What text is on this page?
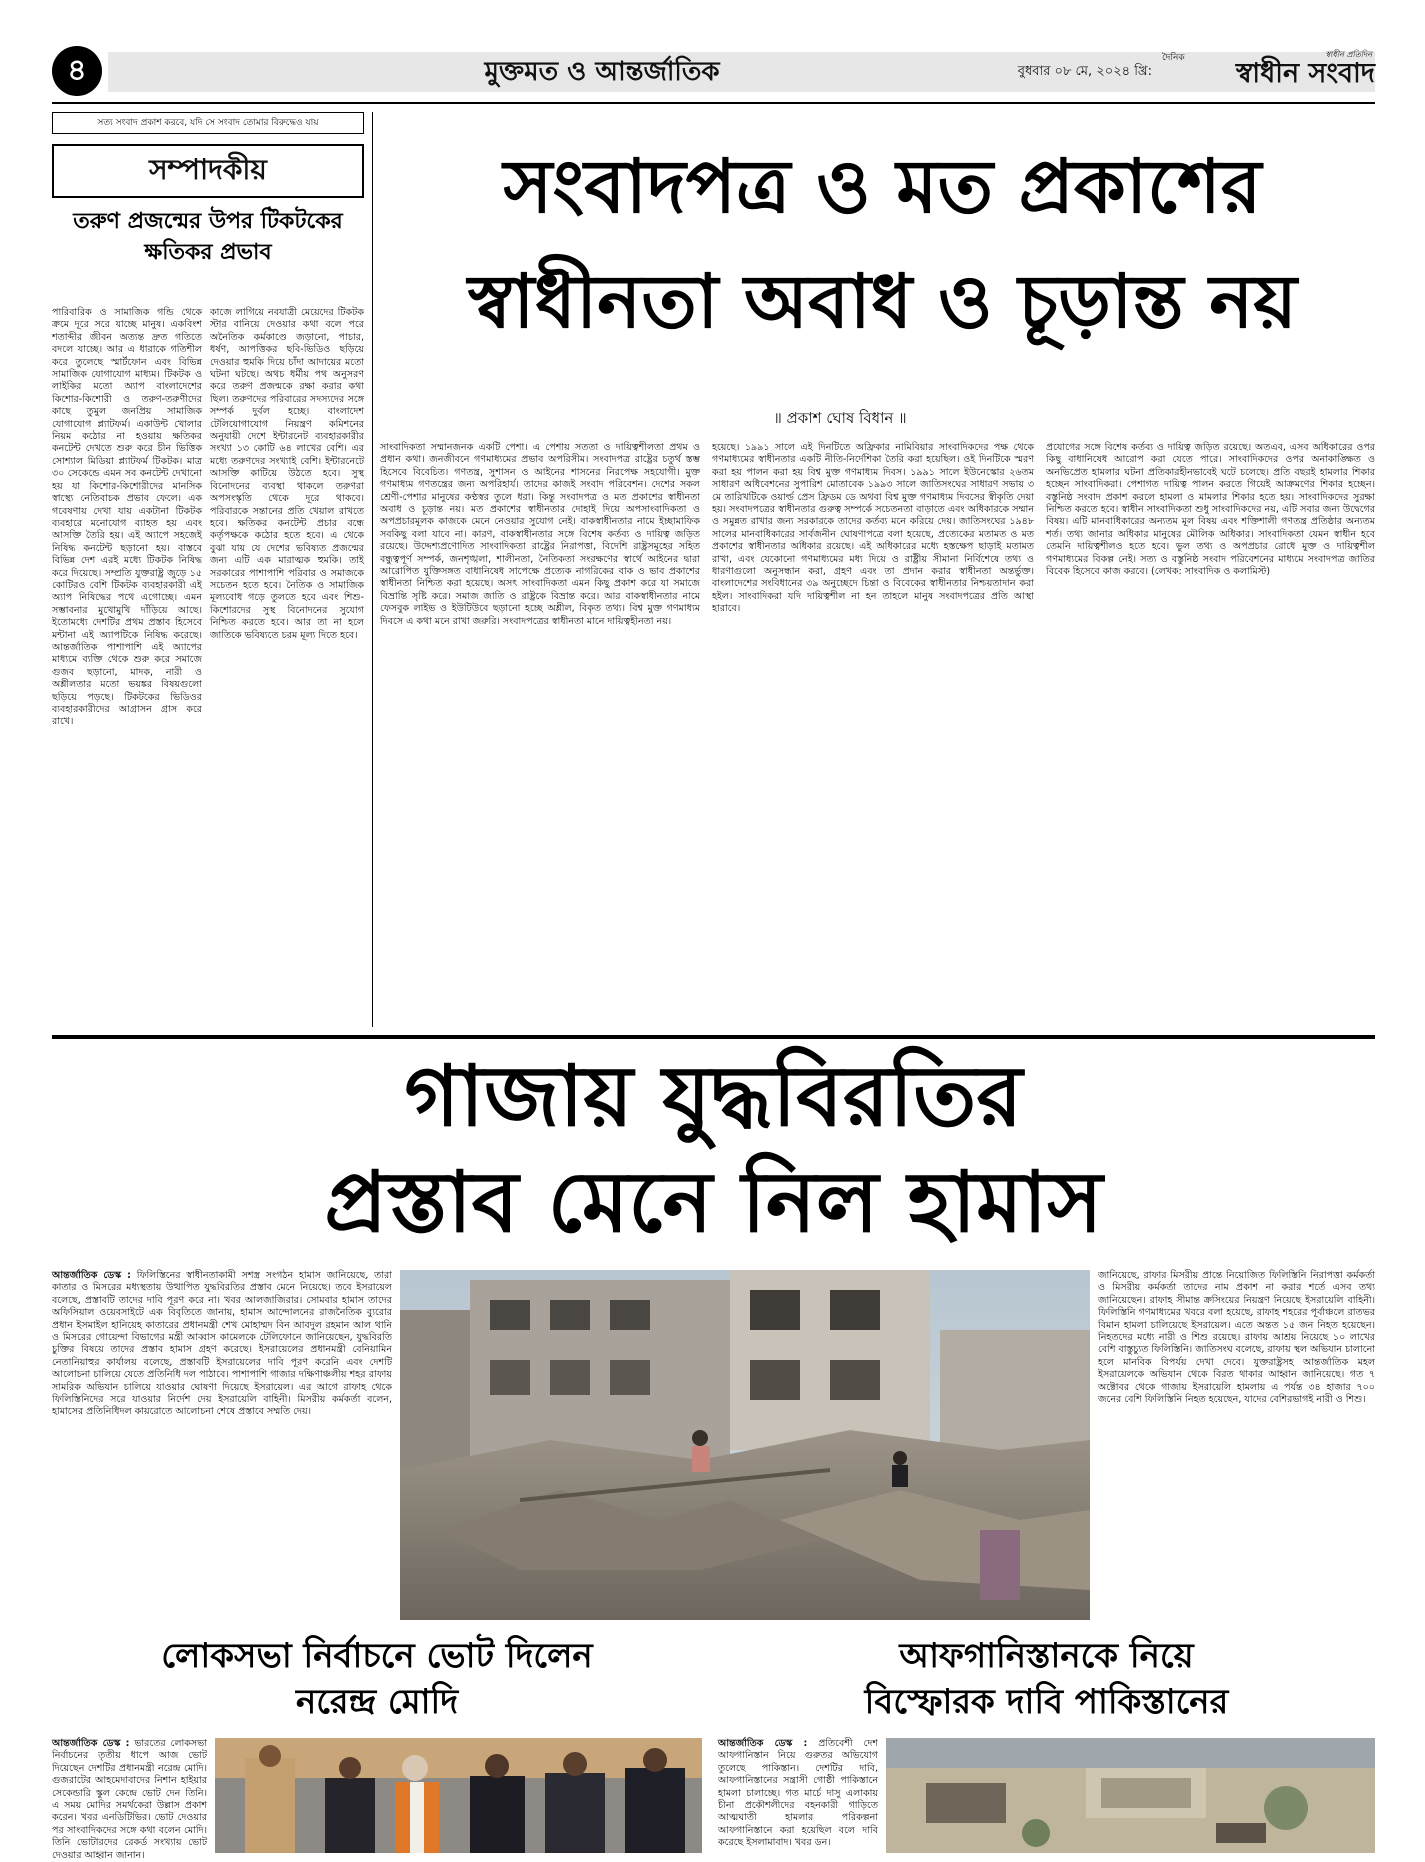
৪	মুক্তমত ও আন্তর্জাতিক	বুধবার ০৮ মে, ২০২৪ খ্রি:
দৈনিক	স্বাধীন প্রতিদিন
স্বাধীন সংবাদ
সত্য সংবাদ প্রকাশ করবে, যদি সে সংবাদ তোমার বিরুদ্ধেও যায়
সম্পাদকীয়
তরুণ প্রজন্মের উপর টিকটকের ক্ষতিকর প্রভাব

পারিবারিক ও সামাজিক গন্ডি থেকে ক্রমে দূরে সরে যাচ্ছে মানুষ। একবিংশ শতাব্দীর জীবন অত্যন্ত দ্রুত গতিতে বদলে যাচ্ছে। আর এ ধারাকে গতিশীল করে তুলেছে স্মার্টফোন এবং বিভিন্ন সামাজিক যোগাযোগ মাধ্যম। টিকটক ও লাইকির মতো অ্যাপ বাংলাদেশের কিশোর-কিশোরী ও তরুণ-তরুণীদের কাছে তুমুল জনপ্রিয় সামাজিক যোগাযোগ প্ল্যাটফর্ম। একাউন্ট খোলার নিয়ম কঠোর না হওয়ায় ক্ষতিকর কনটেন্ট দেখতে শুরু করে চীন ভিত্তিক সোশ্যাল মিডিয়া প্ল্যাটফর্ম টিকটক। মাত্র ৩০ সেকেন্ডে এমন সব কনটেন্ট দেখানো হয় যা কিশোর-কিশোরীদের মানসিক স্বাস্থ্যে নেতিবাচক প্রভাব ফেলে। এক গবেষণায় দেখা যায় একটানা টিকটক ব্যবহারে মনোযোগ ব্যাহত হয় এবং আসক্তি তৈরি হয়। এই অ্যাপে সহজেই নিষিদ্ধ কনটেন্ট ছড়ানো হয়। বাস্তবে বিভিন্ন দেশ এরই মধ্যে টিকটক নিষিদ্ধ করে দিয়েছে। সম্প্রতি যুক্তরাষ্ট্র জুড়ে ১৫ কোটিরও বেশি টিকটক ব্যবহারকারী এই অ্যাপ নিষিদ্ধের পথে এগোচ্ছে। এমন সম্ভাবনার মুখোমুখি দাঁড়িয়ে আছে। ইতোমধ্যে দেশটির প্রথম প্রস্তাব হিসেবে মন্টানা এই অ্যাপটিকে নিষিদ্ধ করেছে। আন্তর্জাতিক পাশাপাশি এই অ্যাপের মাধ্যমে ব্যক্তি থেকে শুরু করে সমাজে গুজব ছড়ানো, মাদক, নারী ও অশ্লীলতার মতো ভয়ঙ্কর বিষয়গুলো ছড়িয়ে পড়ছে। টিকটকের ভিডিওর ব্যবহারকারীদের আগ্রাসন গ্রাস করে রাখে।

কাজে লাগিয়ে নবযাত্রী মেয়েদের টিকটক স্টার বানিয়ে দেওয়ার কথা বলে পরে অনৈতিক কর্মকাণ্ডে জড়ানো, পাচার, ধর্ষণ, আপত্তিকর ছবি-ভিডিও ছড়িয়ে দেওয়ার হুমকি দিয়ে চাঁদা আদায়ের মতো ঘটনা ঘটছে। অথচ ধর্মীয় পথ অনুসরণ করে তরুণ প্রজন্মকে রক্ষা করার কথা ছিল। তরুণদের পরিবারের সদস্যদের সঙ্গে সম্পর্ক দুর্বল হচ্ছে। বাংলাদেশ টেলিযোগাযোগ নিয়ন্ত্রণ কমিশনের অনুযায়ী দেশে ইন্টারনেট ব্যবহারকারীর সংখ্যা ১৩ কোটি ৬৪ লাখের বেশি। এর মধ্যে তরুণদের সংখ্যাই বেশি। ইন্টারনেটে আসক্তি কাটিয়ে উঠতে হবে। সুস্থ বিনোদনের ব্যবস্থা থাকলে তরুণরা অপসংস্কৃতি থেকে দূরে থাকবে। পরিবারকে সন্তানের প্রতি খেয়াল রাখতে হবে। ক্ষতিকর কনটেন্ট প্রচার বন্ধে কর্তৃপক্ষকে কঠোর হতে হবে। এ থেকে বুঝা যায় যে দেশের ভবিষ্যত প্রজন্মের জন্য এটি এক মারাত্মক হুমকি। তাই সরকারের পাশাপাশি পরিবার ও সমাজকে সচেতন হতে হবে। নৈতিক ও সামাজিক মূল্যবোধ গড়ে তুলতে হবে এবং শিশু-কিশোরদের সুস্থ বিনোদনের সুযোগ নিশ্চিত করতে হবে। আর তা না হলে জাতিকে ভবিষ্যতে চরম মূল্য দিতে হবে।

সংবাদপত্র ও মত প্রকাশের
স্বাধীনতা অবাধ ও চূড়ান্ত নয়
॥ প্রকাশ ঘোষ বিধান ॥

সাংবাদিকতা সম্মানজনক একটি পেশা। এ পেশায় সততা ও দায়িত্বশীলতা প্রথম ও প্রধান কথা। জনজীবনে গণমাধ্যমের প্রভাব অপরিসীম। সংবাদপত্র রাষ্ট্রের চতুর্থ স্তম্ভ হিসেবে বিবেচিত। গণতন্ত্র, সুশাসন ও আইনের শাসনের নিরপেক্ষ সহযোগী। মুক্ত গণমাধ্যম গণতন্ত্রের জন্য অপরিহার্য। তাদের কাজই সংবাদ পরিবেশন। দেশের সকল শ্রেণী-পেশার মানুষের কণ্ঠস্বর তুলে ধরা। কিন্তু সংবাদপত্র ও মত প্রকাশের স্বাধীনতা অবাধ ও চূড়ান্ত নয়। মত প্রকাশের স্বাধীনতার দোহাই দিয়ে অপসাংবাদিকতা ও অপপ্রচারমূলক কাজকে মেনে নেওয়ার সুযোগ নেই। বাকস্বাধীনতার নামে ইচ্ছামাফিক সবকিছু বলা যাবে না। কারণ, বাকস্বাধীনতার সঙ্গে বিশেষ কর্তব্য ও দায়িত্ব জড়িত রয়েছে। উদ্দেশ্যপ্রণোদিত সাংবাদিকতা রাষ্ট্রের নিরাপত্তা, বিদেশি রাষ্ট্রসমূহের সহিত বন্ধুত্বপূর্ণ সম্পর্ক, জনশৃঙ্খলা, শালীনতা, নৈতিকতা সংরক্ষণের স্বার্থে আইনের দ্বারা আরোপিত যুক্তিসঙ্গত বাধানিষেধ সাপেক্ষে প্রত্যেক নাগরিকের বাক ও ভাব প্রকাশের স্বাধীনতা নিশ্চিত করা হয়েছে। অসৎ সাংবাদিকতা এমন কিছু প্রকাশ করে যা সমাজে বিভ্রান্তি সৃষ্টি করে। সমাজ জাতি ও রাষ্ট্রকে বিভ্রান্ত করে। আর বাকস্বাধীনতার নামে ফেসবুক লাইভ ও ইউটিউবে ছড়ানো হচ্ছে অশ্লীল, বিকৃত তথ্য। বিশ্ব মুক্ত গণমাধ্যম দিবসে এ কথা মনে রাখা জরুরি। সংবাদপত্রের স্বাধীনতা মানে দায়িত্বহীনতা নয়।

হয়েছে। ১৯৯১ সালে এই দিনটিতে অফ্রিকার নামিবিয়ার সাংবাদিকদের পক্ষ থেকে গণমাধ্যমের স্বাধীনতার একটি নীতি-নির্দেশিকা তৈরি করা হয়েছিল। ওই দিনটিকে স্মরণ করা হয় পালন করা হয় বিশ্ব মুক্ত গণমাধ্যম দিবস। ১৯৯১ সালে ইউনেস্কোর ২৬তম সাধারণ অধিবেশনের সুপারিশ মোতাবেক ১৯৯৩ সালে জাতিসংঘের সাধারণ সভায় ৩ মে তারিখটিকে ওয়ার্ল্ড প্রেস ফ্রিডম ডে অথবা বিশ্ব মুক্ত গণমাধ্যম দিবসের স্বীকৃতি দেয়া হয়। সংবাদপত্রের স্বাধীনতার গুরুত্ব সম্পর্কে সচেতনতা বাড়াতে এবং অধিকারকে সম্মান ও সমুন্নত রাখার জন্য সরকারকে তাদের কর্তব্য মনে করিয়ে দেয়। জাতিসংঘের ১৯৪৮ সালের মানবাধিকারের সার্বজনীন ঘোষণাপত্রে বলা হয়েছে, প্রত্যেকের মতামত ও মত প্রকাশের স্বাধীনতার অধিকার রয়েছে। এই অধিকারের মধ্যে হস্তক্ষেপ ছাড়াই মতামত রাখা, এবং যেকোনো গণমাধ্যমের মধ্য দিয়ে ও রাষ্ট্রীয় সীমানা নির্বিশেষে তথ্য ও ধারণাগুলো অনুসন্ধান করা, গ্রহণ এবং তা প্রদান করার স্বাধীনতা অন্তর্ভুক্ত। বাংলাদেশের সংবিধানের ৩৯ অনুচ্ছেদে চিন্তা ও বিবেকের স্বাধীনতার নিশ্চয়তাদান করা হইল। সাংবাদিকরা যদি দায়িত্বশীল না হন তাহলে মানুষ সংবাদপত্রের প্রতি আস্থা হারাবে।

প্রযোগের সঙ্গে বিশেষ কর্তব্য ও দায়িত্ব জড়িত রয়েছে। অতএব, এসব অধিকারের ওপর কিছু বাধানিষেধ আরোপ করা যেতে পারে। সাংবাদিকদের ওপর অনাকাঙ্ক্ষিত ও অনভিপ্রেত হামলার ঘটনা প্রতিকারহীনভাবেই ঘটে চলেছে। প্রতি বছরই হামলার শিকার হচ্ছেন সাংবাদিকরা। পেশাগত দায়িত্ব পালন করতে গিয়েই আক্রমণের শিকার হচ্ছেন। বস্তুনিষ্ঠ সংবাদ প্রকাশ করলে হামলা ও মামলার শিকার হতে হয়। সাংবাদিকদের সুরক্ষা নিশ্চিত করতে হবে। স্বাধীন সাংবাদিকতা শুধু সাংবাদিকদের নয়, এটি সবার জন্য উদ্বেগের বিষয়। এটি মানবাধিকারের অন্যতম মূল বিষয় এবং শক্তিশালী গণতন্ত্র প্রতিষ্ঠার অন্যতম শর্ত। তথ্য জানার অধিকার মানুষের মৌলিক অধিকার। সাংবাদিকতা যেমন স্বাধীন হবে তেমনি দায়িত্বশীলও হতে হবে। ভুল তথ্য ও অপপ্রচার রোধে মুক্ত ও দায়িত্বশীল গণমাধ্যমের বিকল্প নেই। সত্য ও বস্তুনিষ্ঠ সংবাদ পরিবেশনের মাধ্যমে সংবাদপত্র জাতির বিবেক হিসেবে কাজ করবে। (লেখক: সাংবাদিক ও কলামিস্ট)

গাজায় যুদ্ধবিরতির
প্রস্তাব মেনে নিল হামাস
আন্তর্জাতিক ডেস্ক : ফিলিস্তিনের স্বাধীনতাকামী সশস্ত্র সংগঠন হামাস জানিয়েছে, তারা কাতার ও মিসরের মধ্যস্থতায় উত্থাপিত যুদ্ধবিরতির প্রস্তাব মেনে নিয়েছে। তবে ইসরায়েল বলেছে, প্রস্তাবটি তাদের দাবি পূরণ করে না। খবর আলজাজিরার। সোমবার হামাস তাদের অফিসিয়াল ওয়েবসাইটে এক বিবৃতিতে জানায়, হামাস আন্দোলনের রাজনৈতিক ব্যুরোর প্রধান ইসমাইল হানিয়েহ কাতারের প্রধানমন্ত্রী শেখ মোহাম্মদ বিন আবদুল রহমান আল থানি ও মিসরের গোয়েন্দা বিভাগের মন্ত্রী আব্বাস কামেলকে টেলিফোনে জানিয়েছেন, যুদ্ধবিরতি চুক্তির বিষয়ে তাদের প্রস্তাব হামাস গ্রহণ করেছে। ইসরায়েলের প্রধানমন্ত্রী বেনিয়ামিন নেতানিয়াহুর কার্যালয় বলেছে, প্রস্তাবটি ইসরায়েলের দাবি পূরণ করেনি এবং দেশটি আলোচনা চালিয়ে যেতে প্রতিনিধি দল পাঠাবে। পাশাপাশি গাজার দক্ষিণাঞ্চলীয় শহর রাফায় সামরিক অভিযান চালিয়ে যাওয়ার ঘোষণা দিয়েছে ইসরায়েল। এর আগে রাফাহ থেকে ফিলিস্তিনিদের সরে যাওয়ার নির্দেশ দেয় ইসরায়েলি বাহিনী। মিসরীয় কর্মকর্তা বলেন, হামাসের প্রতিনিধিদল কায়রোতে আলোচনা শেষে প্রস্তাবে সম্মতি দেয়।
জানিয়েছে, রাফার মিসরীয় প্রান্তে নিয়োজিত ফিলিস্তিনি নিরাপত্তা কর্মকর্তা ও মিসরীয় কর্মকর্তা তাদের নাম প্রকাশ না করার শর্তে এসব তথ্য জানিয়েছেন। রাফাহ সীমান্ত ক্রসিংয়ের নিয়ন্ত্রণ নিয়েছে ইসরায়েলি বাহিনী। ফিলিস্তিনি গণমাধ্যমের খবরে বলা হয়েছে, রাফাহ শহরের পূর্বাঞ্চলে রাতভর বিমান হামলা চালিয়েছে ইসরায়েল। এতে অন্তত ১৫ জন নিহত হয়েছেন। নিহতদের মধ্যে নারী ও শিশু রয়েছে। রাফায় আশ্রয় নিয়েছে ১০ লাখের বেশি বাস্তুচ্যুত ফিলিস্তিনি। জাতিসংঘ বলেছে, রাফায় স্থল অভিযান চালানো হলে মানবিক বিপর্যয় দেখা দেবে। যুক্তরাষ্ট্রসহ আন্তর্জাতিক মহল ইসরায়েলকে অভিযান থেকে বিরত থাকার আহ্বান জানিয়েছে। গত ৭ অক্টোবর থেকে গাজায় ইসরায়েলি হামলায় এ পর্যন্ত ৩৪ হাজার ৭০০ জনের বেশি ফিলিস্তিনি নিহত হয়েছেন, যাদের বেশিরভাগই নারী ও শিশু।
লোকসভা নির্বাচনে ভোট দিলেন
নরেন্দ্র মোদি
আন্তর্জাতিক ডেস্ক : ভারতের লোকসভা নির্বাচনের তৃতীয় ধাপে আজ ভোট দিয়েছেন দেশটির প্রধানমন্ত্রী নরেন্দ্র মোদি। গুজরাটের আহমেদাবাদের নিশান হাইয়ার সেকেন্ডারি স্কুল কেন্দ্রে ভোট দেন তিনি। এ সময় মোদির সমর্থকেরা উল্লাস প্রকাশ করেন। খবর এনডিটিভির। ভোট দেওয়ার পর সাংবাদিকদের সঙ্গে কথা বলেন মোদি। তিনি ভোটারদের রেকর্ড সংখ্যায় ভোট দেওয়ার আহ্বান জানান।
আফগানিস্তানকে নিয়ে
বিস্ফোরক দাবি পাকিস্তানের
আন্তর্জাতিক ডেস্ক : প্রতিবেশী দেশ আফগানিস্তান নিয়ে গুরুতর অভিযোগ তুলেছে পাকিস্তান। দেশটির দাবি, আফগানিস্তানের সন্ত্রাসী গোষ্ঠী পাকিস্তানে হামলা চালাচ্ছে। গত মার্চে দাসু এলাকায় চীনা প্রকৌশলীদের বহনকারী গাড়িতে আত্মঘাতী হামলার পরিকল্পনা আফগানিস্তানে করা হয়েছিল বলে দাবি করেছে ইসলামাবাদ। খবর ডন।
